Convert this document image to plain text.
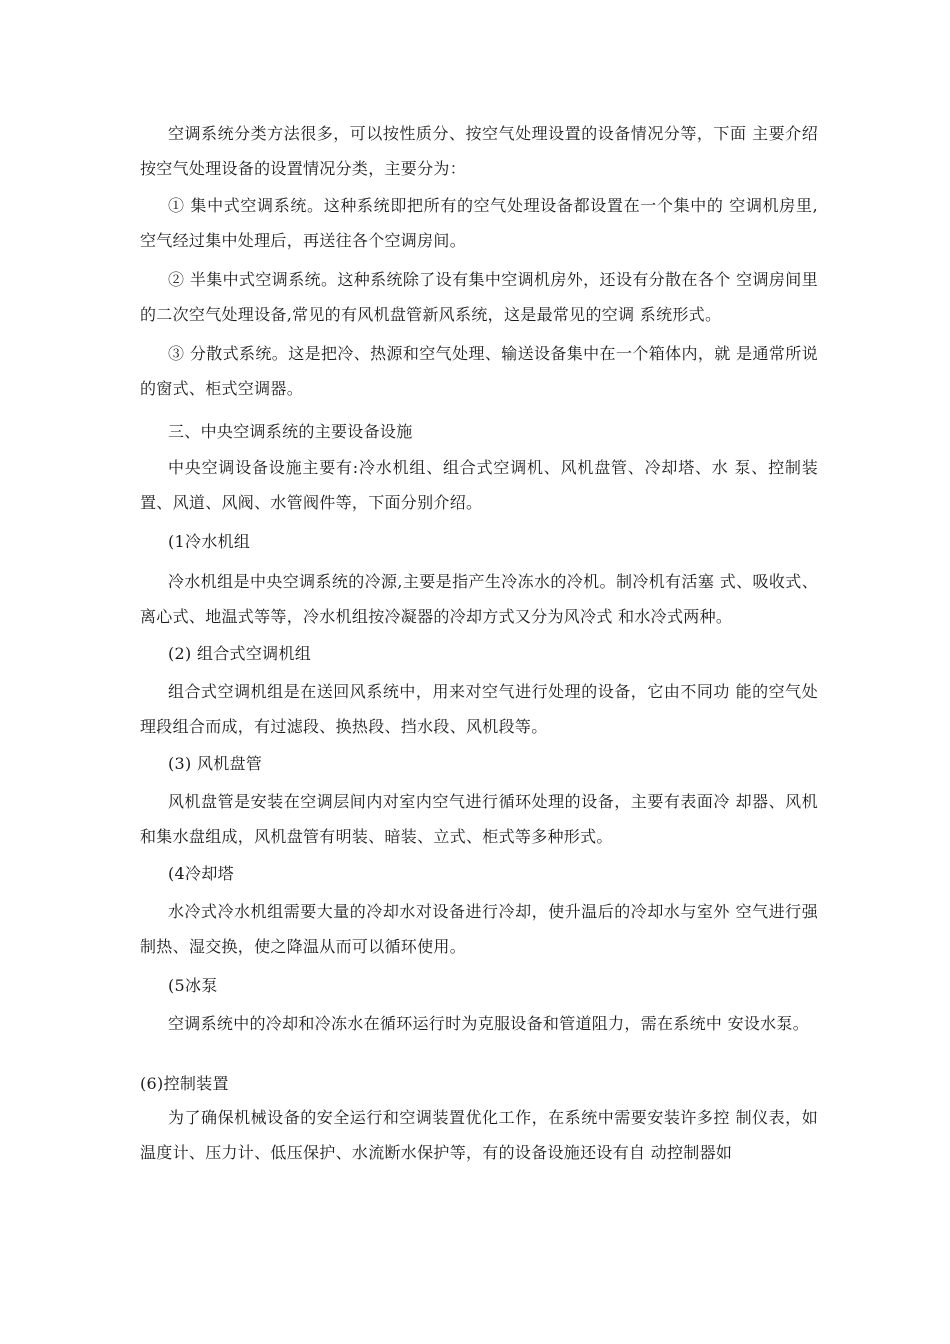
空调系统分类方法很多，可以按性质分、按空气处理设置的设备情况分等，下面 主要介绍按空气处理设备的设置情况分类，主要分为：

① 集中式空调系统。这种系统即把所有的空气处理设备都设置在一个集中的 空调机房里,空气经过集中处理后，再送往各个空调房间。

② 半集中式空调系统。这种系统除了设有集中空调机房外，还设有分散在各个 空调房间里的二次空气处理设备,常见的有风机盘管新风系统，这是最常见的空调 系统形式。

③ 分散式系统。这是把冷、热源和空气处理、输送设备集中在一个箱体内，就 是通常所说的窗式、柜式空调器。

三、中央空调系统的主要设备设施

中央空调设备设施主要有:冷水机组、组合式空调机、风机盘管、冷却塔、水 泵、控制装置、风道、风阀、水管阀件等，下面分别介绍。

(1冷水机组

冷水机组是中央空调系统的冷源,主要是指产生冷冻水的冷机。制冷机有活塞 式、吸收式、离心式、地温式等等，冷水机组按冷凝器的冷却方式又分为风冷式 和水冷式两种。

(2) 组合式空调机组

组合式空调机组是在送回风系统中，用来对空气进行处理的设备，它由不同功 能的空气处理段组合而成，有过滤段、换热段、挡水段、风机段等。

(3) 风机盘管

风机盘管是安装在空调层间内对室内空气进行循环处理的设备，主要有表面冷 却器、风机和集水盘组成，风机盘管有明装、暗装、立式、柜式等多种形式。

(4冷却塔

水冷式冷水机组需要大量的冷却水对设备进行冷却，使升温后的冷却水与室外 空气进行强制热、湿交换，使之降温从而可以循环使用。

(5冰泵

空调系统中的冷却和冷冻水在循环运行时为克服设备和管道阻力，需在系统中 安设水泵。

(6)控制装置

为了确保机械设备的安全运行和空调装置优化工作，在系统中需要安装许多控 制仪表，如温度计、压力计、低压保护、水流断水保护等，有的设备设施还设有自 动控制器如
